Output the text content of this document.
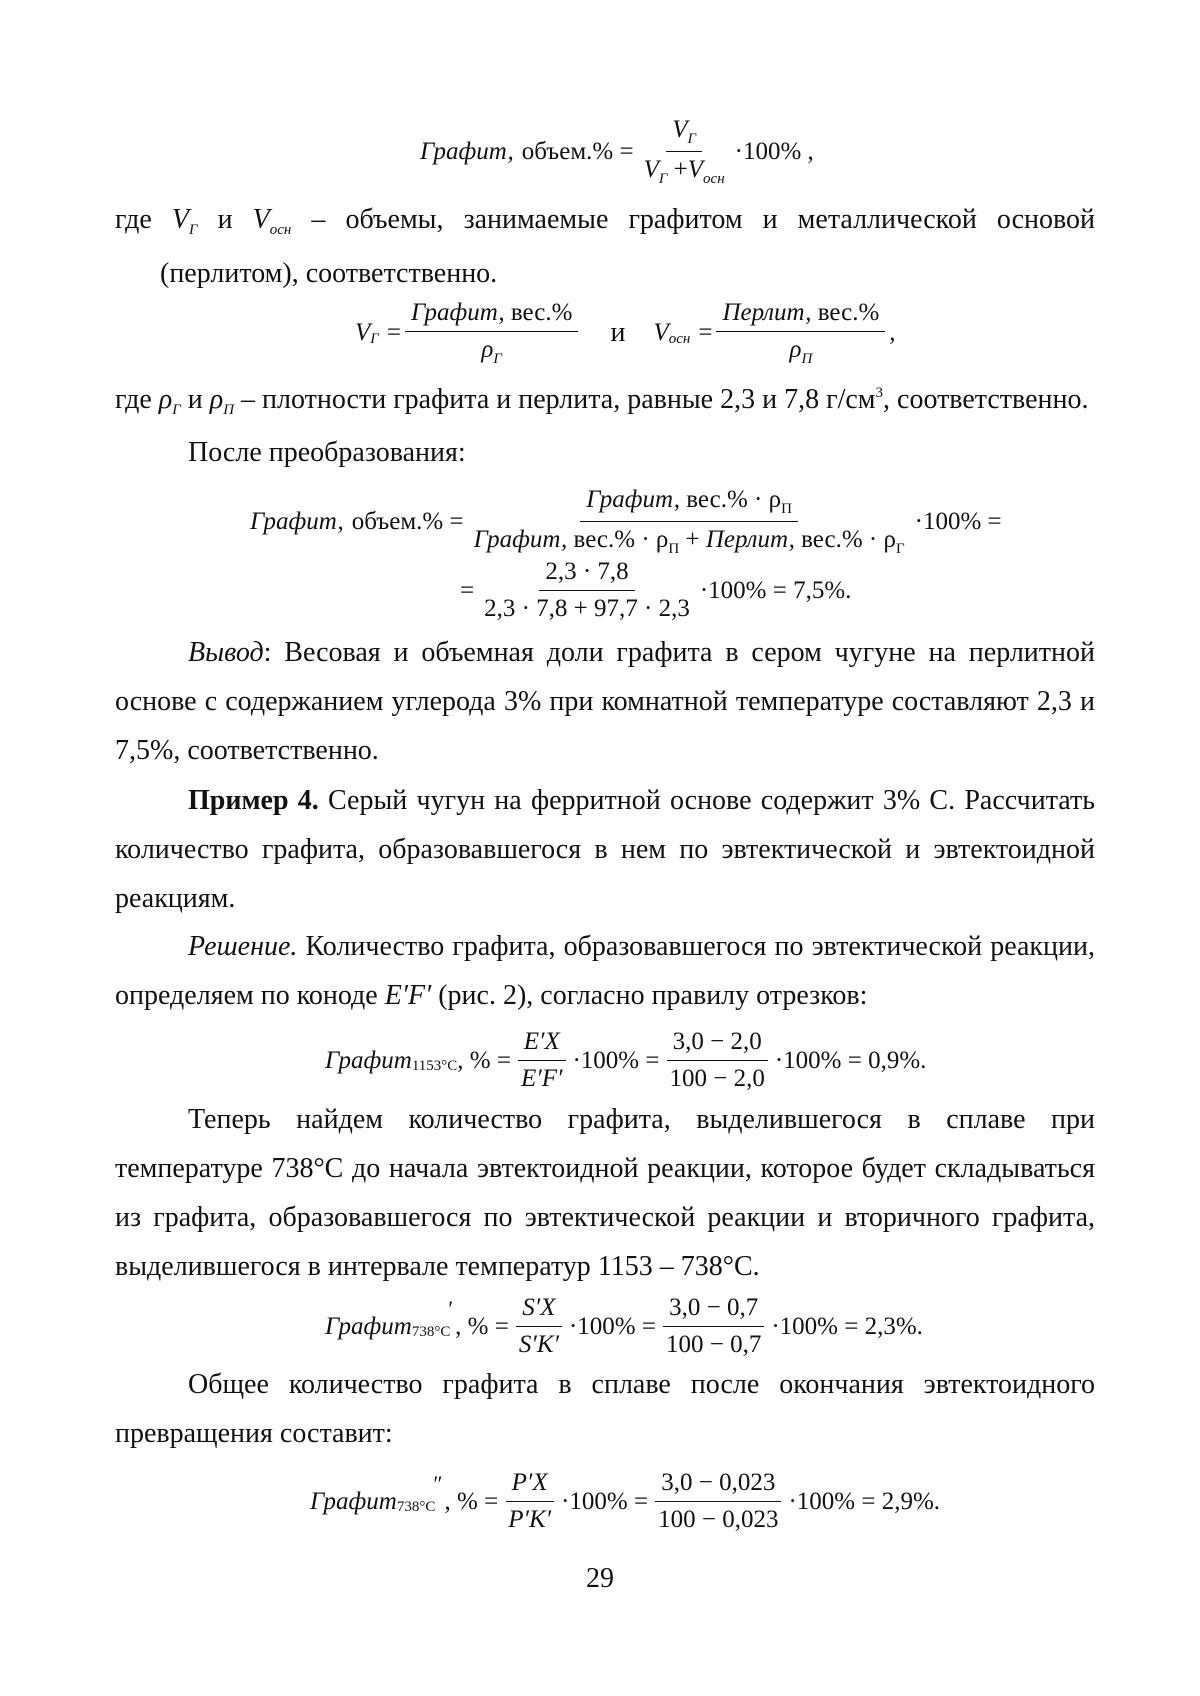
Графит, объем.% = $\frac{V_Г}{V_Г +V_{осн}} \cdot 100\%$ ,

где $V_Г$ и $V_{осн}$ – объемы, занимаемые графитом и металлической основой (перлитом), соответственно.

V $Г = \frac{\text{Графит, вес.\%}}{\rho_Г}$ и V осн = $\frac{\text{Перлит, вес.\%}}{\rho_П}$ ,

где $\rho_Г$ и $\rho_П$ – плотности графита и перлита, равные 2,3 и 7,8 $г/см^3$, соответственно.

После преобразования:

Графит, объем.% = $\frac{Графит, вес.\% \cdot \rho_П}{Графит, вес.\% \cdot \rho_П + Перлит, вес.\% \cdot \rho_Г} \cdot 100\%$ =
= $\frac{2,3 \cdot 7,8}{2,3 \cdot 7,8 + 97,7 \cdot 2,3} \cdot 100\% = 7,5\%$.

Вывод: Весовая и объемная доли графита в сером чугуне на перлитной основе с содержанием углерода 3% при комнатной температуре составляют 2,3 и 7,5%, соответственно.

Пример 4. Серый чугун на ферритной основе содержит 3% С. Рассчитать количество графита, образовавшегося в нем по эвтектической и эвтектоидной реакциям.

Решение. Количество графита, образовавшегося по эвтектической реакции, определяем по коноде E′F′ (рис. 2), согласно правилу отрезков:

Графит 1153°C , % = $\frac{E'X}{E'F'} \cdot 100\% = \frac{3,0 - 2,0}{100 - 2,0} \cdot 100\% = 0,9\%$.

Теперь найдем количество графита, выделившегося в сплаве при температуре 738°С до начала эвтектоидной реакции, которое будет складываться из графита, образовавшегося по эвтектической реакции и вторичного графита, выделившегося в интервале температур 1153 – 738°С.

Графит 738°C
′
, % = $\frac{S'X}{S'K'} \cdot 100\% = \frac{3,0 - 0,7}{100 - 0,7} \cdot 100\% = 2,3\%$.

Общее количество графита в сплаве после окончания эвтектоидного превращения составит:

Графит 738°C
″
, % = $\frac{P'X}{P'K'} \cdot 100\% = \frac{3,0 - 0,023}{100 - 0,023} \cdot 100\% = 2,9\%$.
29
